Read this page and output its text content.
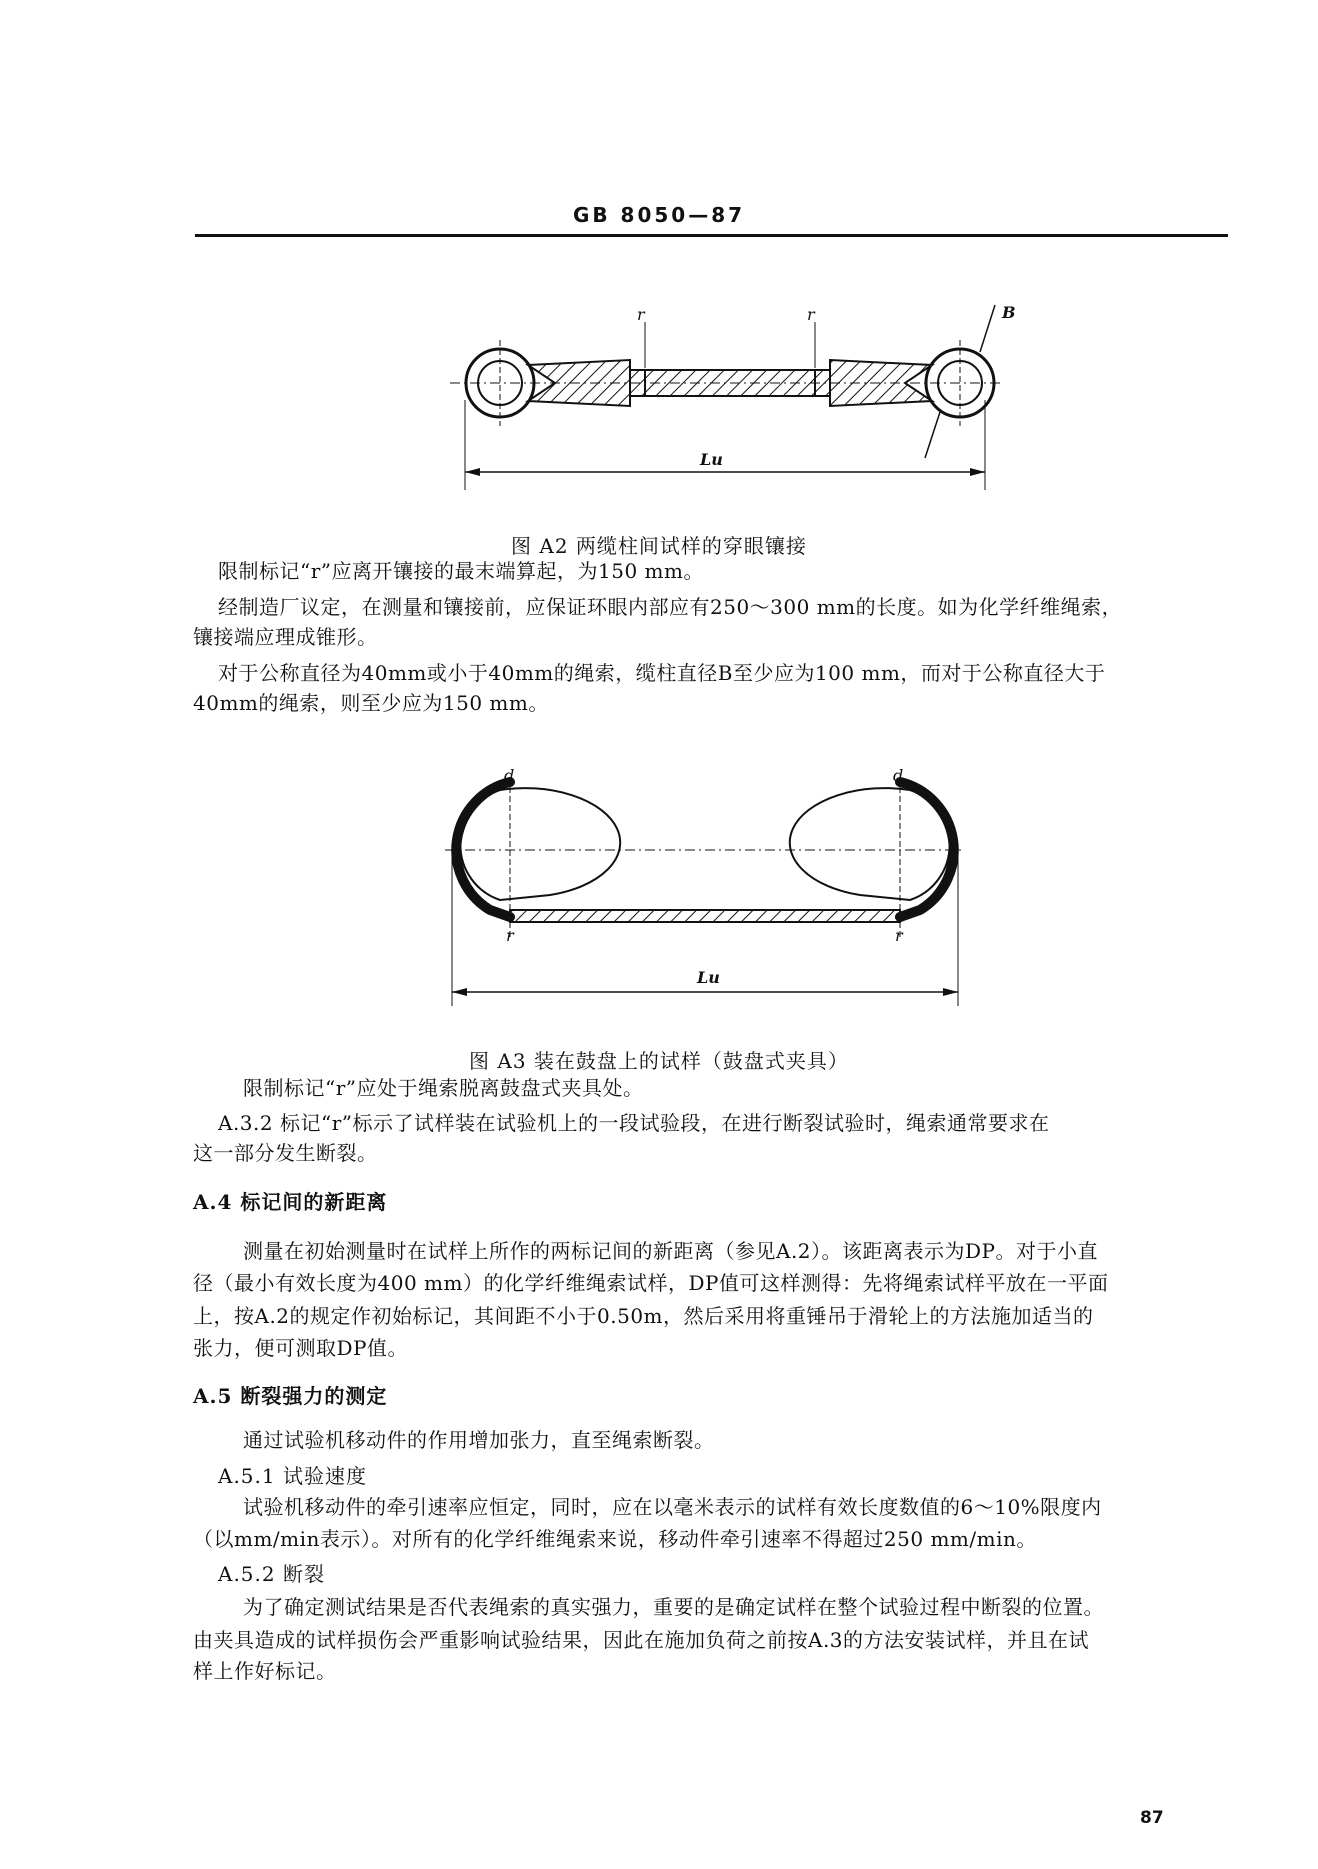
GB 8050—87
r	r	B
Lu
图 A2 两缆柱间试样的穿眼镶接
限制标记“r”应离开镶接的最末端算起，为150 mm。
经制造厂议定，在测量和镶接前，应保证环眼内部应有250～300 mm的长度。如为化学纤维绳索，
镶接端应理成锥形。
对于公称直径为40mm或小于40mm的绳索，缆柱直径B至少应为100 mm，而对于公称直径大于
40mm的绳索，则至少应为150 mm。
d	d
r	r
Lu
图 A3 装在鼓盘上的试样（鼓盘式夹具）
限制标记“r”应处于绳索脱离鼓盘式夹具处。
A.3.2 标记“r”标示了试样装在试验机上的一段试验段，在进行断裂试验时，绳索通常要求在
这一部分发生断裂。
A.4 标记间的新距离
测量在初始测量时在试样上所作的两标记间的新距离（参见A.2）。该距离表示为DP。对于小直
径（最小有效长度为400 mm）的化学纤维绳索试样，DP值可这样测得：先将绳索试样平放在一平面
上，按A.2的规定作初始标记，其间距不小于0.50m，然后采用将重锤吊于滑轮上的方法施加适当的
张力，便可测取DP值。
A.5 断裂强力的测定
通过试验机移动件的作用增加张力，直至绳索断裂。
A.5.1 试验速度
试验机移动件的牵引速率应恒定，同时，应在以毫米表示的试样有效长度数值的6～10%限度内
（以mm/min表示）。对所有的化学纤维绳索来说，移动件牵引速率不得超过250 mm/min。
A.5.2 断裂
为了确定测试结果是否代表绳索的真实强力，重要的是确定试样在整个试验过程中断裂的位置。
由夹具造成的试样损伤会严重影响试验结果，因此在施加负荷之前按A.3的方法安装试样，并且在试
样上作好标记。
87
